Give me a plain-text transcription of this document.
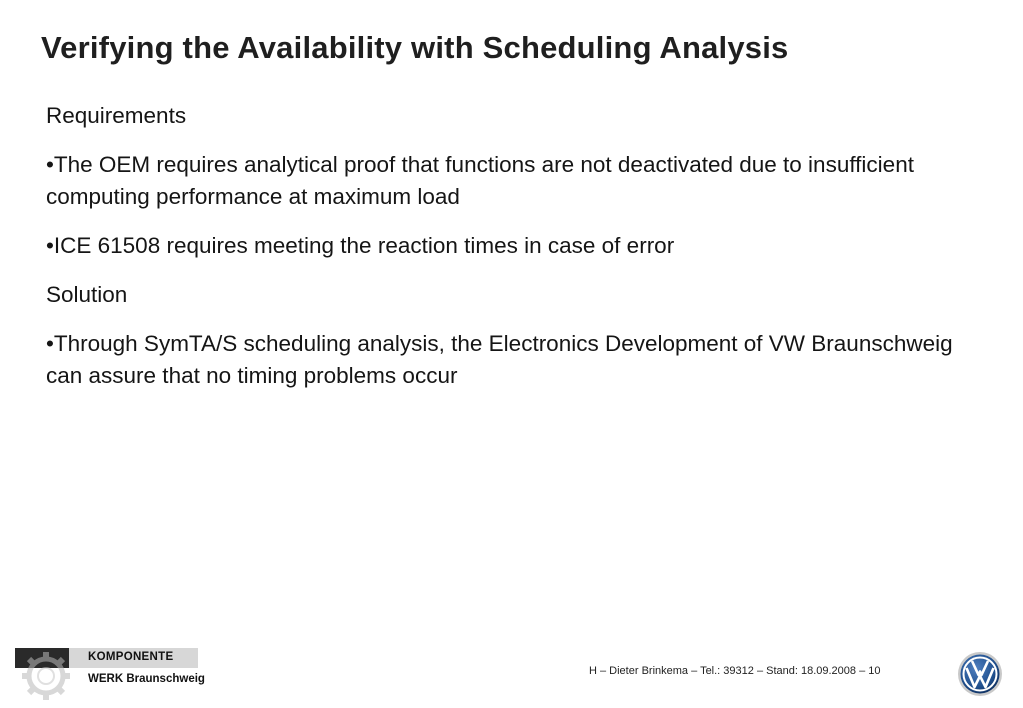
Verifying the Availability with Scheduling Analysis

Requirements

•The OEM requires analytical proof that functions are not deactivated due to insufficient computing performance at maximum load

•ICE 61508 requires meeting the reaction times in case of error

Solution

•Through SymTA/S scheduling analysis, the Electronics Development of VW Braunschweig can assure that no timing problems occur

KOMPONENTE
WERK Braunschweig
H – Dieter Brinkema – Tel.: 39312 – Stand: 18.09.2008 – 10
